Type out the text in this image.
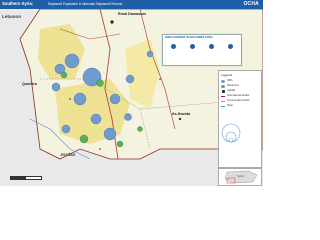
Southern Syria:	Displaced Population & Internally Displaced Persons	OCHA
Lebanon	Rural Damascus
Quneitra
As-Sweida
Jordan
DISPLACEMENT IN SOUTHERN SYRIA
Legend
IDPs
Returnees
Capital
International border
Governorate border
River
Syria
